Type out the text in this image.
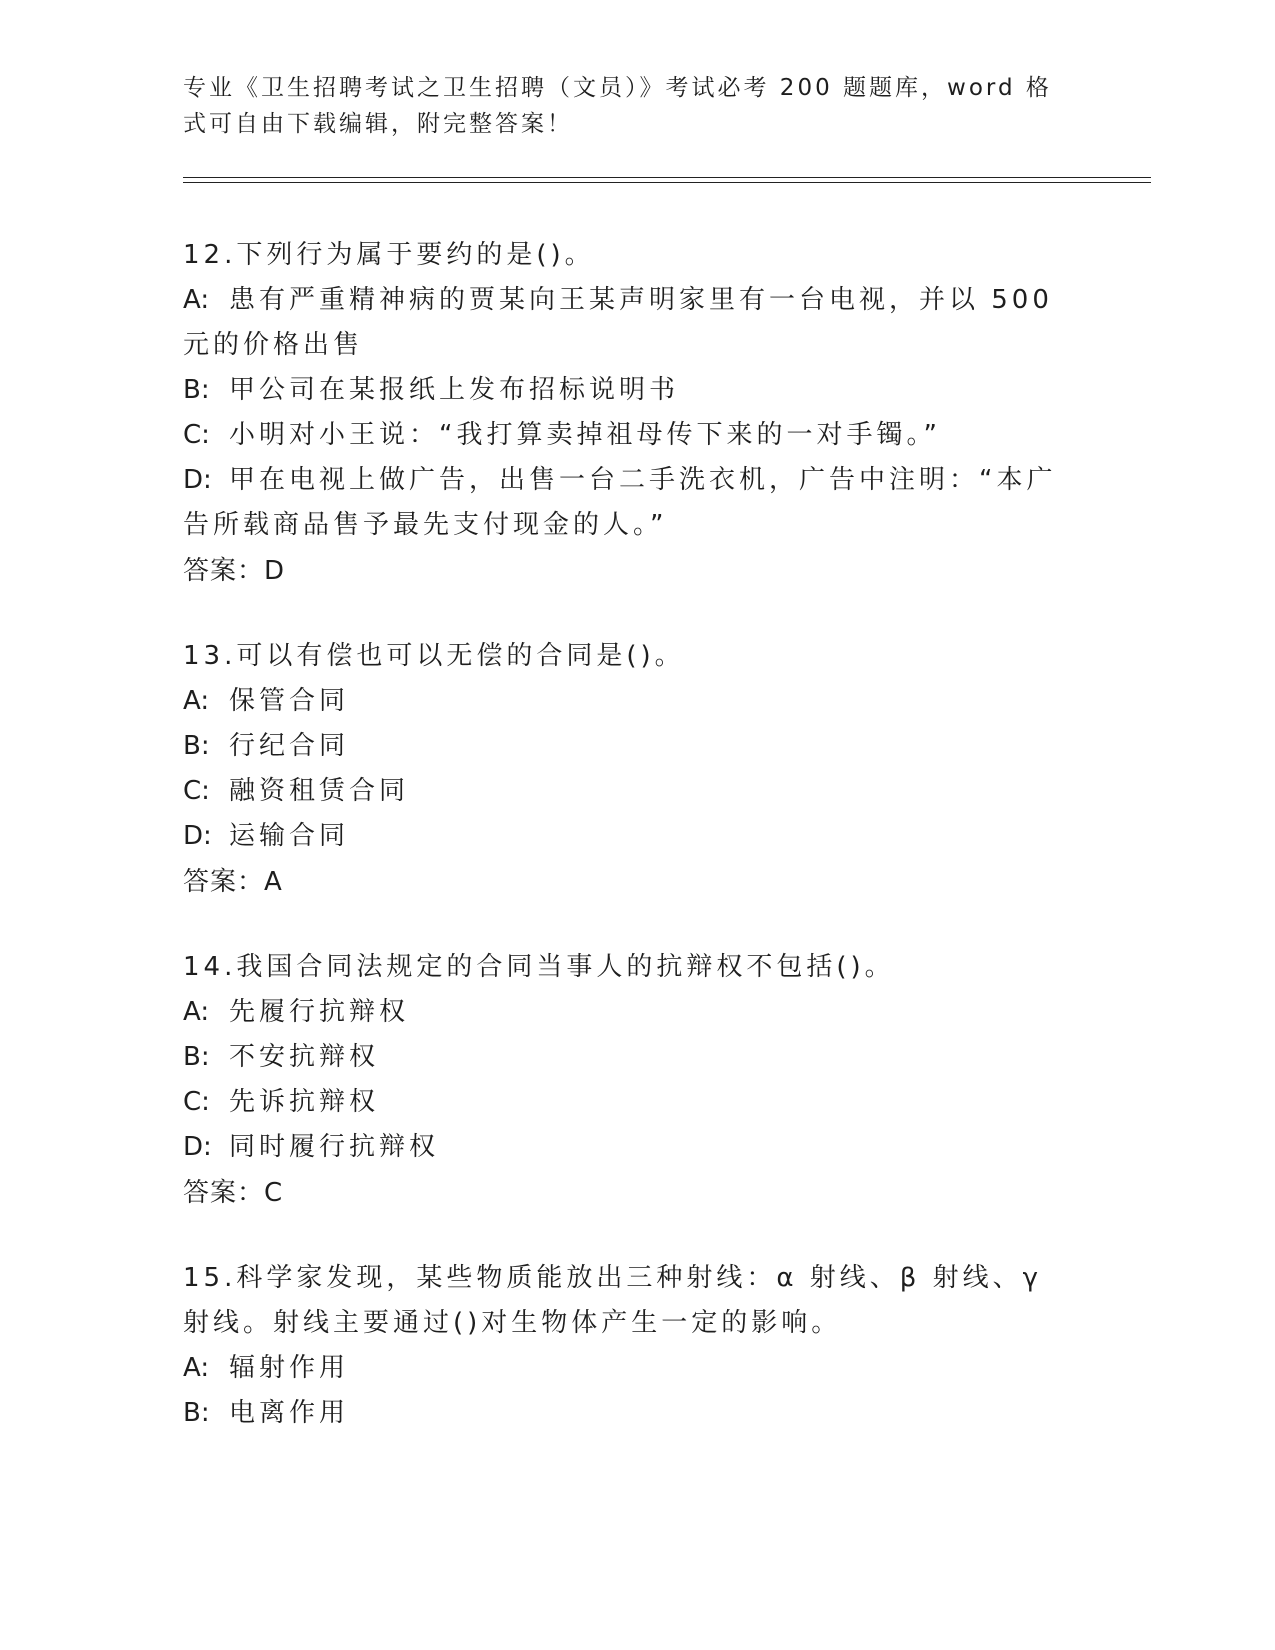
专业《卫生招聘考试之卫生招聘（文员）》考试必考 200 题题库，word 格式可自由下载编辑，附完整答案！

12.下列行为属于要约的是()。

A: 患有严重精神病的贾某向王某声明家里有一台电视，并以 500 元的价格出售

B: 甲公司在某报纸上发布招标说明书

C: 小明对小王说：“我打算卖掉祖母传下来的一对手镯。”

D: 甲在电视上做广告，出售一台二手洗衣机，广告中注明：“本广告所载商品售予最先支付现金的人。”

答案：D

13.可以有偿也可以无偿的合同是()。

A: 保管合同

B: 行纪合同

C: 融资租赁合同

D: 运输合同

答案：A

14.我国合同法规定的合同当事人的抗辩权不包括()。

A: 先履行抗辩权

B: 不安抗辩权

C: 先诉抗辩权

D: 同时履行抗辩权

答案：C

15.科学家发现，某些物质能放出三种射线：α 射线、β 射线、γ 射线。射线主要通过()对生物体产生一定的影响。

A: 辐射作用

B: 电离作用
